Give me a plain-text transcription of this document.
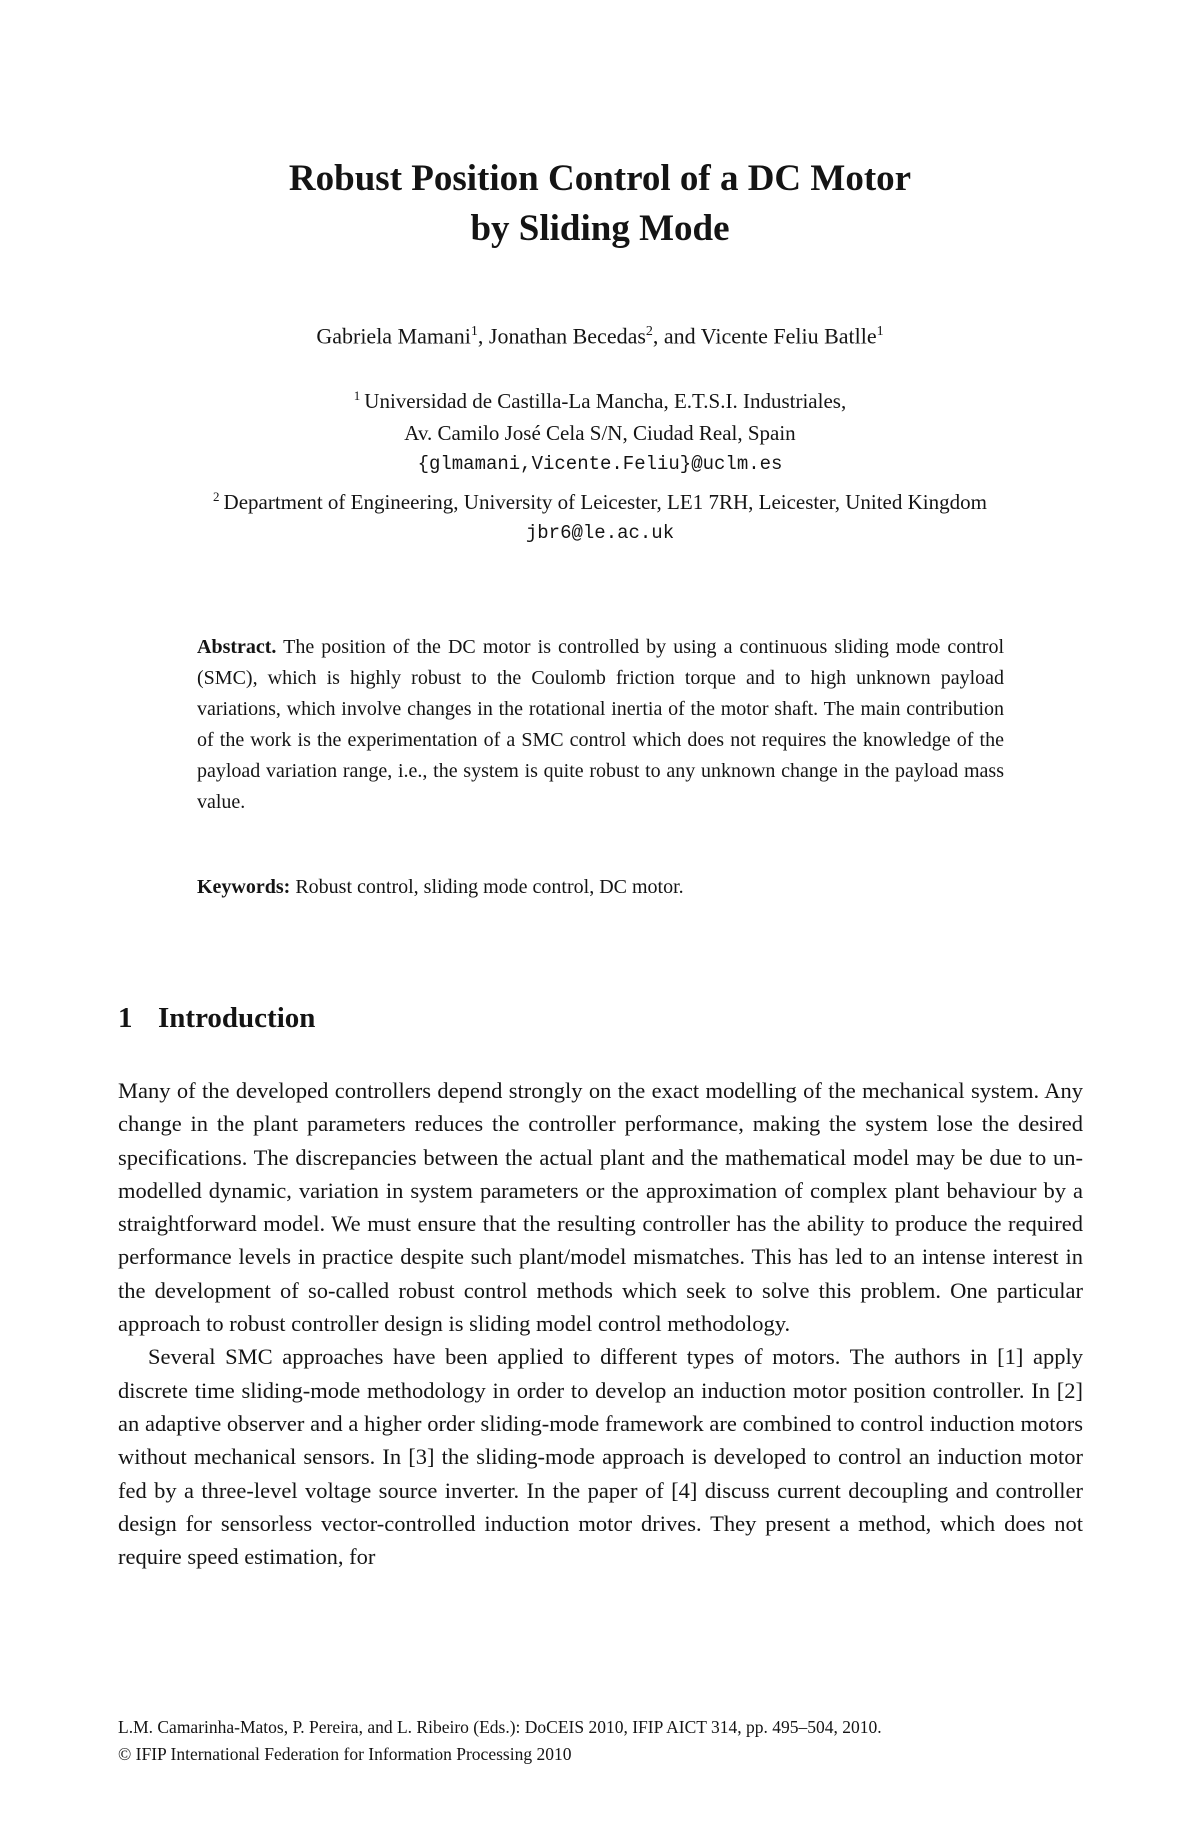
Robust Position Control of a DC Motor
by Sliding Mode
Gabriela Mamani$^1$, Jonathan Becedas$^2$, and Vicente Feliu Batlle$^1$
$^1$ Universidad de Castilla-La Mancha, E.T.S.I. Industriales,
Av. Camilo José Cela S/N, Ciudad Real, Spain
{glmamani,Vicente.Feliu}@uclm.es
$^2$ Department of Engineering, University of Leicester, LE1 7RH, Leicester, United Kingdom
jbr6@le.ac.uk
Abstract. The position of the DC motor is controlled by using a continuous sliding mode control (SMC), which is highly robust to the Coulomb friction torque and to high unknown payload variations, which involve changes in the rotational inertia of the motor shaft. The main contribution of the work is the experimentation of a SMC control which does not requires the knowledge of the payload variation range, i.e., the system is quite robust to any unknown change in the payload mass value.
Keywords: Robust control, sliding mode control, DC motor.
1 Introduction

Many of the developed controllers depend strongly on the exact modelling of the mechanical system. Any change in the plant parameters reduces the controller performance, making the system lose the desired specifications. The discrepancies between the actual plant and the mathematical model may be due to un-modelled dynamic, variation in system parameters or the approximation of complex plant behaviour by a straightforward model. We must ensure that the resulting controller has the ability to produce the required performance levels in practice despite such plant/model mismatches. This has led to an intense interest in the development of so-called robust control methods which seek to solve this problem. One particular approach to robust controller design is sliding model control methodology.

Several SMC approaches have been applied to different types of motors. The authors in [1] apply discrete time sliding-mode methodology in order to develop an induction motor position controller. In [2] an adaptive observer and a higher order sliding-mode framework are combined to control induction motors without mechanical sensors. In [3] the sliding-mode approach is developed to control an induction motor fed by a three-level voltage source inverter. In the paper of [4] discuss current decoupling and controller design for sensorless vector-controlled induction motor drives. They present a method, which does not require speed estimation, for

L.M. Camarinha-Matos, P. Pereira, and L. Ribeiro (Eds.): DoCEIS 2010, IFIP AICT 314, pp. 495–504, 2010.
© IFIP International Federation for Information Processing 2010
